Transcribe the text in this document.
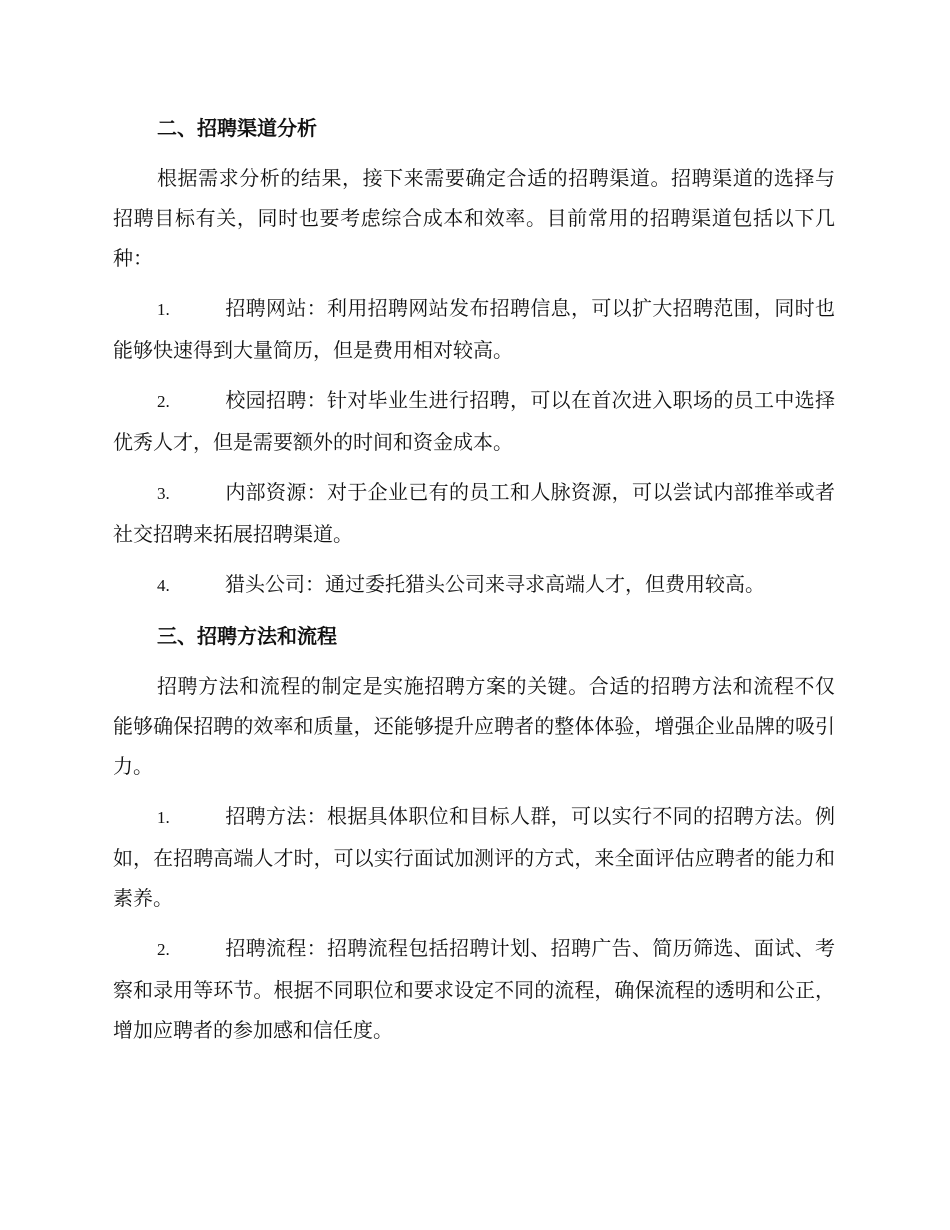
二、招聘渠道分析

根据需求分析的结果，接下来需要确定合适的招聘渠道。招聘渠道的选择与招聘目标有关，同时也要考虑综合成本和效率。目前常用的招聘渠道包括以下几种：

1.	招聘网站：利用招聘网站发布招聘信息，可以扩大招聘范围，同时也能够快速得到大量简历，但是费用相对较高。

2.	校园招聘：针对毕业生进行招聘，可以在首次进入职场的员工中选择优秀人才，但是需要额外的时间和资金成本。

3.	内部资源：对于企业已有的员工和人脉资源，可以尝试内部推举或者社交招聘来拓展招聘渠道。

4.	猎头公司：通过委托猎头公司来寻求高端人才，但费用较高。

三、招聘方法和流程

招聘方法和流程的制定是实施招聘方案的关键。合适的招聘方法和流程不仅能够确保招聘的效率和质量，还能够提升应聘者的整体体验，增强企业品牌的吸引力。

1.	招聘方法：根据具体职位和目标人群，可以实行不同的招聘方法。例如，在招聘高端人才时，可以实行面试加测评的方式，来全面评估应聘者的能力和素养。

2.	招聘流程：招聘流程包括招聘计划、招聘广告、简历筛选、面试、考察和录用等环节。根据不同职位和要求设定不同的流程，确保流程的透明和公正，增加应聘者的参加感和信任度。
